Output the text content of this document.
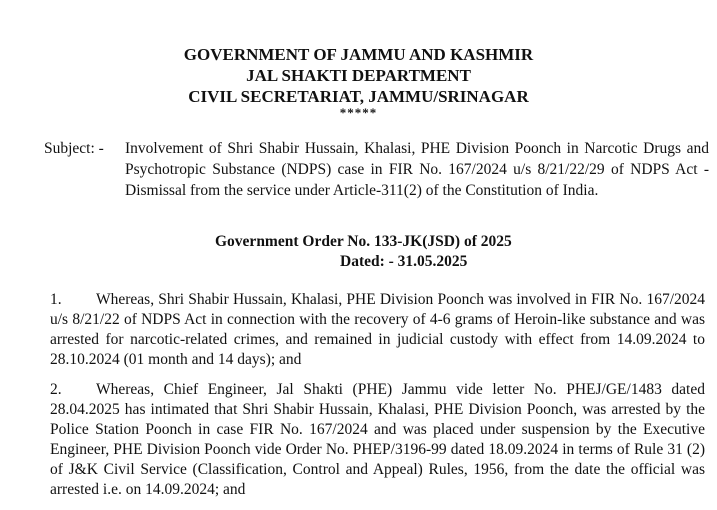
GOVERNMENT OF JAMMU AND KASHMIR
JAL SHAKTI DEPARTMENT
CIVIL SECRETARIAT, JAMMU/SRINAGAR
*****
Subject: - Involvement of Shri Shabir Hussain, Khalasi, PHE Division Poonch in Narcotic Drugs and Psychotropic Substance (NDPS) case in FIR No. 167/2024 u/s 8/21/22/29 of NDPS Act - Dismissal from the service under Article-311(2) of the Constitution of India.
Government Order No. 133-JK(JSD) of 2025
Dated: - 31.05.2025
1. Whereas, Shri Shabir Hussain, Khalasi, PHE Division Poonch was involved in FIR No. 167/2024 u/s 8/21/22 of NDPS Act in connection with the recovery of 4-6 grams of Heroin-like substance and was arrested for narcotic-related crimes, and remained in judicial custody with effect from 14.09.2024 to 28.10.2024 (01 month and 14 days); and
2. Whereas, Chief Engineer, Jal Shakti (PHE) Jammu vide letter No. PHEJ/GE/1483 dated 28.04.2025 has intimated that Shri Shabir Hussain, Khalasi, PHE Division Poonch, was arrested by the Police Station Poonch in case FIR No. 167/2024 and was placed under suspension by the Executive Engineer, PHE Division Poonch vide Order No. PHEP/3196-99 dated 18.09.2024 in terms of Rule 31 (2) of J&K Civil Service (Classification, Control and Appeal) Rules, 1956, from the date the official was arrested i.e. on 14.09.2024; and
